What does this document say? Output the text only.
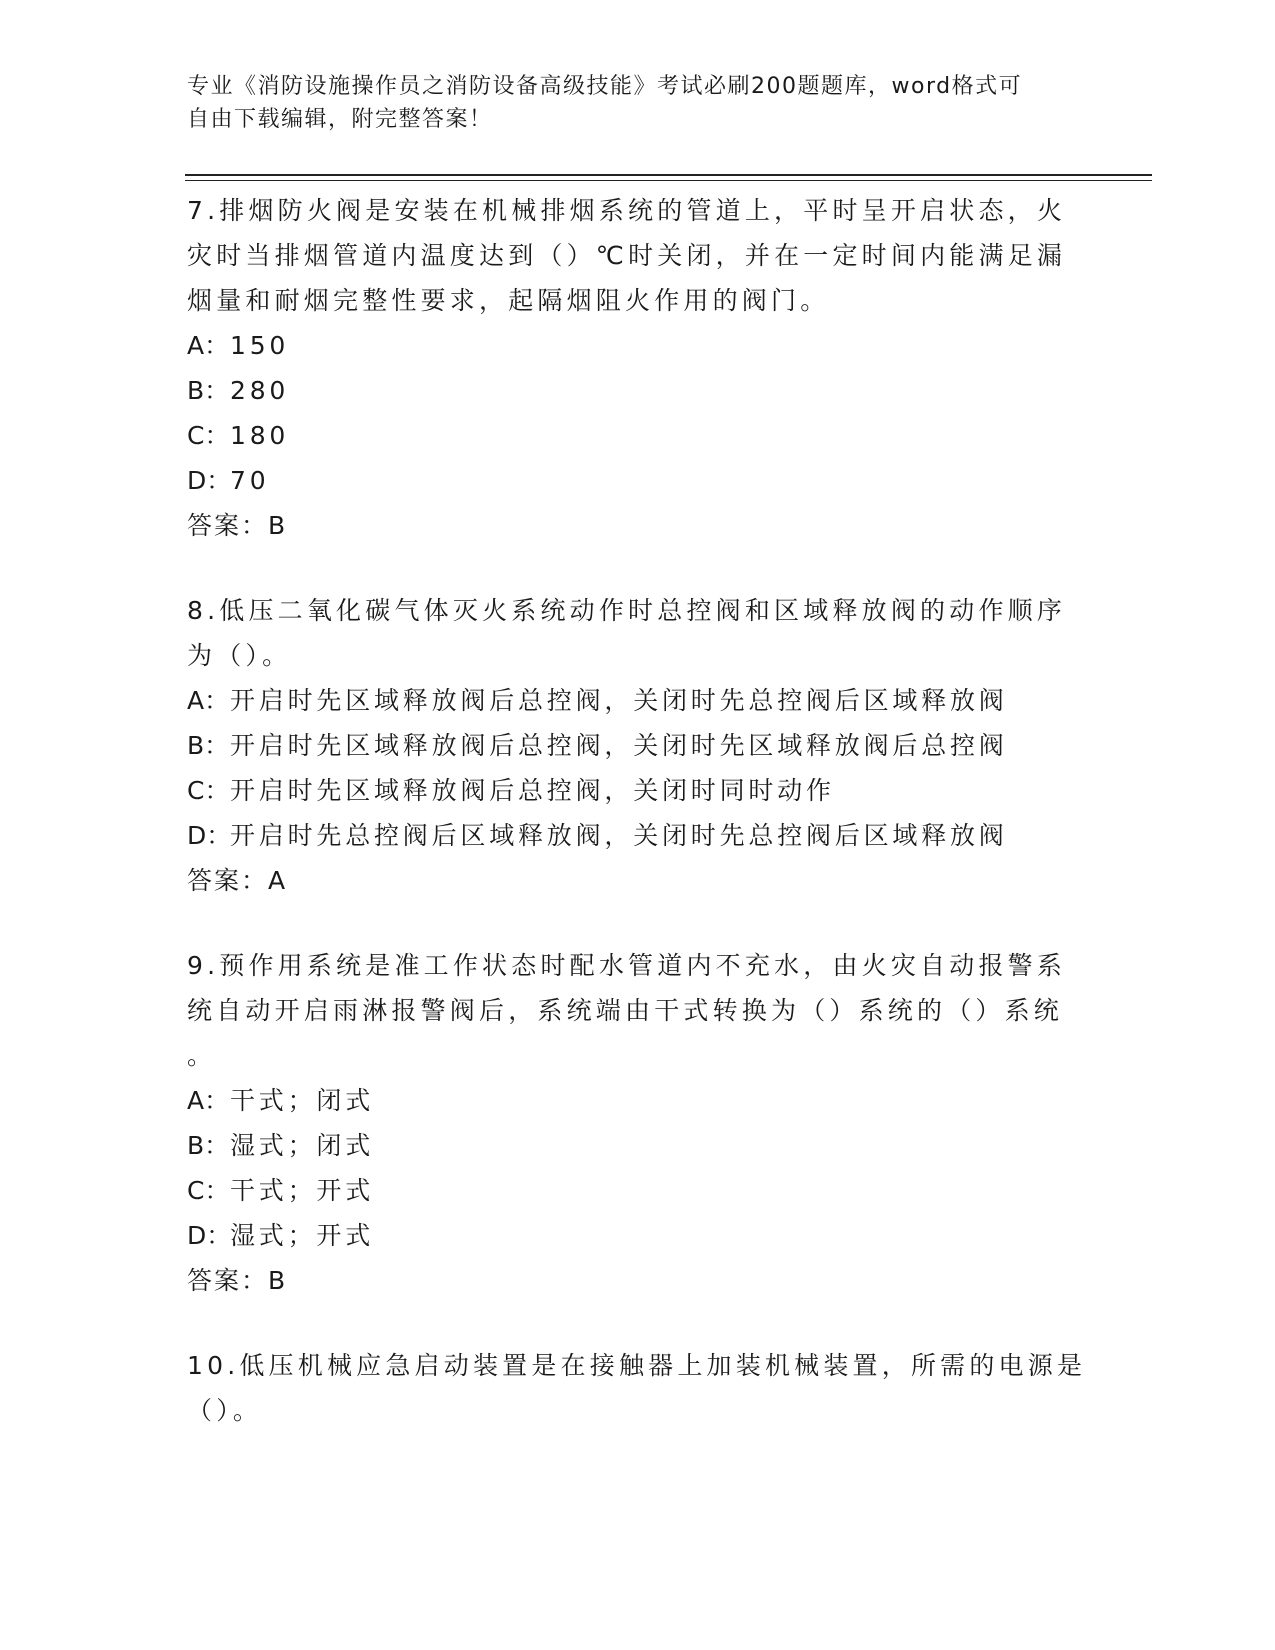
专业《消防设施操作员之消防设备高级技能》考试必刷200题题库，word格式可
自由下载编辑，附完整答案！
7.排烟防火阀是安装在机械排烟系统的管道上，平时呈开启状态，火
灾时当排烟管道内温度达到（）℃时关闭，并在一定时间内能满足漏
烟量和耐烟完整性要求，起隔烟阻火作用的阀门。
A：150
B：280
C：180
D：70
答案：B
8.低压二氧化碳气体灭火系统动作时总控阀和区域释放阀的动作顺序
为（）。
A：开启时先区域释放阀后总控阀，关闭时先总控阀后区域释放阀
B：开启时先区域释放阀后总控阀，关闭时先区域释放阀后总控阀
C：开启时先区域释放阀后总控阀，关闭时同时动作
D：开启时先总控阀后区域释放阀，关闭时先总控阀后区域释放阀
答案：A
9.预作用系统是准工作状态时配水管道内不充水，由火灾自动报警系
统自动开启雨淋报警阀后，系统端由干式转换为（）系统的（）系统
。
A：干式；闭式
B：湿式；闭式
C：干式；开式
D：湿式；开式
答案：B
10.低压机械应急启动装置是在接触器上加装机械装置，所需的电源是
（）。
